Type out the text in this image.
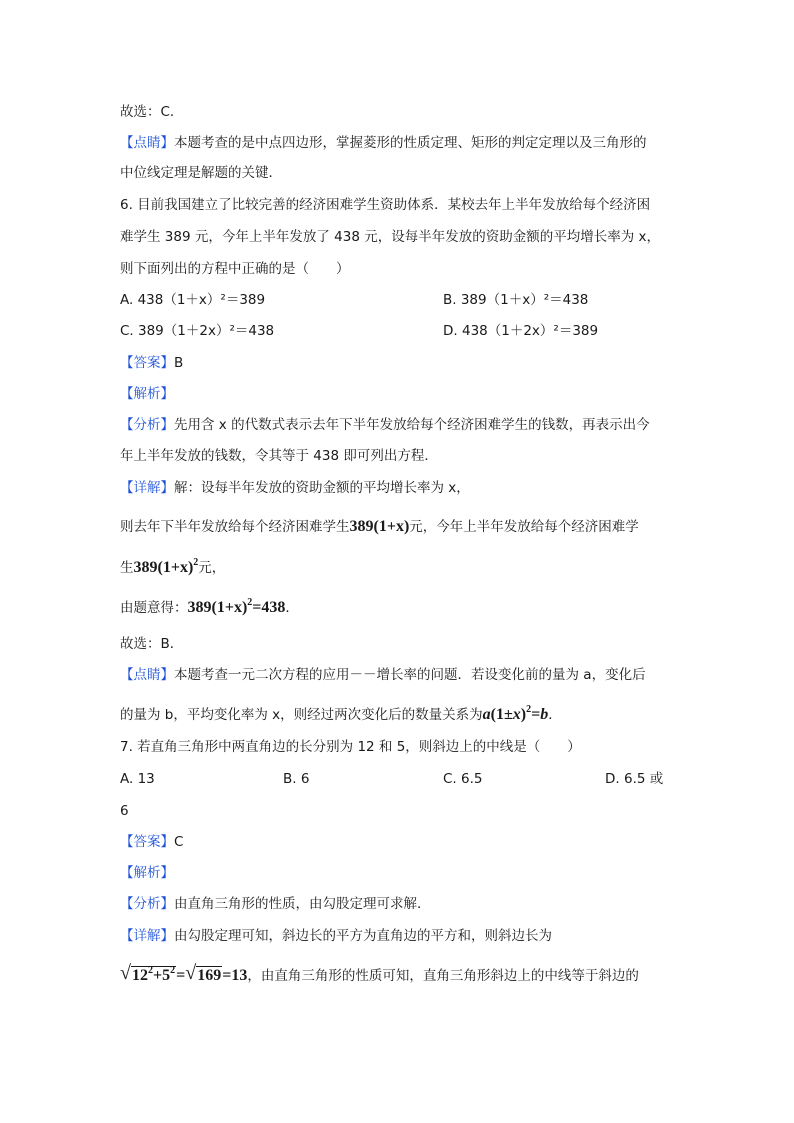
故选：C．
【点睛】本题考查的是中点四边形，掌握菱形的性质定理、矩形的判定定理以及三角形的
中位线定理是解题的关键．
6. 目前我国建立了比较完善的经济困难学生资助体系．某校去年上半年发放给每个经济困
难学生 389 元，今年上半年发放了 438 元，设每半年发放的资助金额的平均增长率为 x，
则下面列出的方程中正确的是（　　）
A. 438（1＋x）²＝389	B. 389（1＋x）²＝438
C. 389（1＋2x）²＝438	D. 438（1＋2x）²＝389
【答案】B
【解析】
【分析】先用含 x 的代数式表示去年下半年发放给每个经济困难学生的钱数，再表示出今
年上半年发放的钱数，令其等于 438 即可列出方程．
【详解】解：设每半年发放的资助金额的平均增长率为 x，
则去年下半年发放给每个经济困难学生389(1+x)元，今年上半年发放给每个经济困难学
生$389(1+x)^2$元，
由题意得：$389(1+x)^2=438$．
故选：B．
【点睛】本题考查一元二次方程的应用－－增长率的问题．若设变化前的量为 a，变化后
的量为 b，平均变化率为 x，则经过两次变化后的数量关系为$a(1\pm x)^2=b$．
7. 若直角三角形中两直角边的长分别为 12 和 5，则斜边上的中线是（　　）
A. 13	B. 6	C. 6.5	D. 6.5 或
6
【答案】C
【解析】
【分析】由直角三角形的性质，由勾股定理可求解．
【详解】由勾股定理可知，斜边长的平方为直角边的平方和，则斜边长为
√ $12^2+5^2=$ √ 169=13，由直角三角形的性质可知，直角三角形斜边上的中线等于斜边的
